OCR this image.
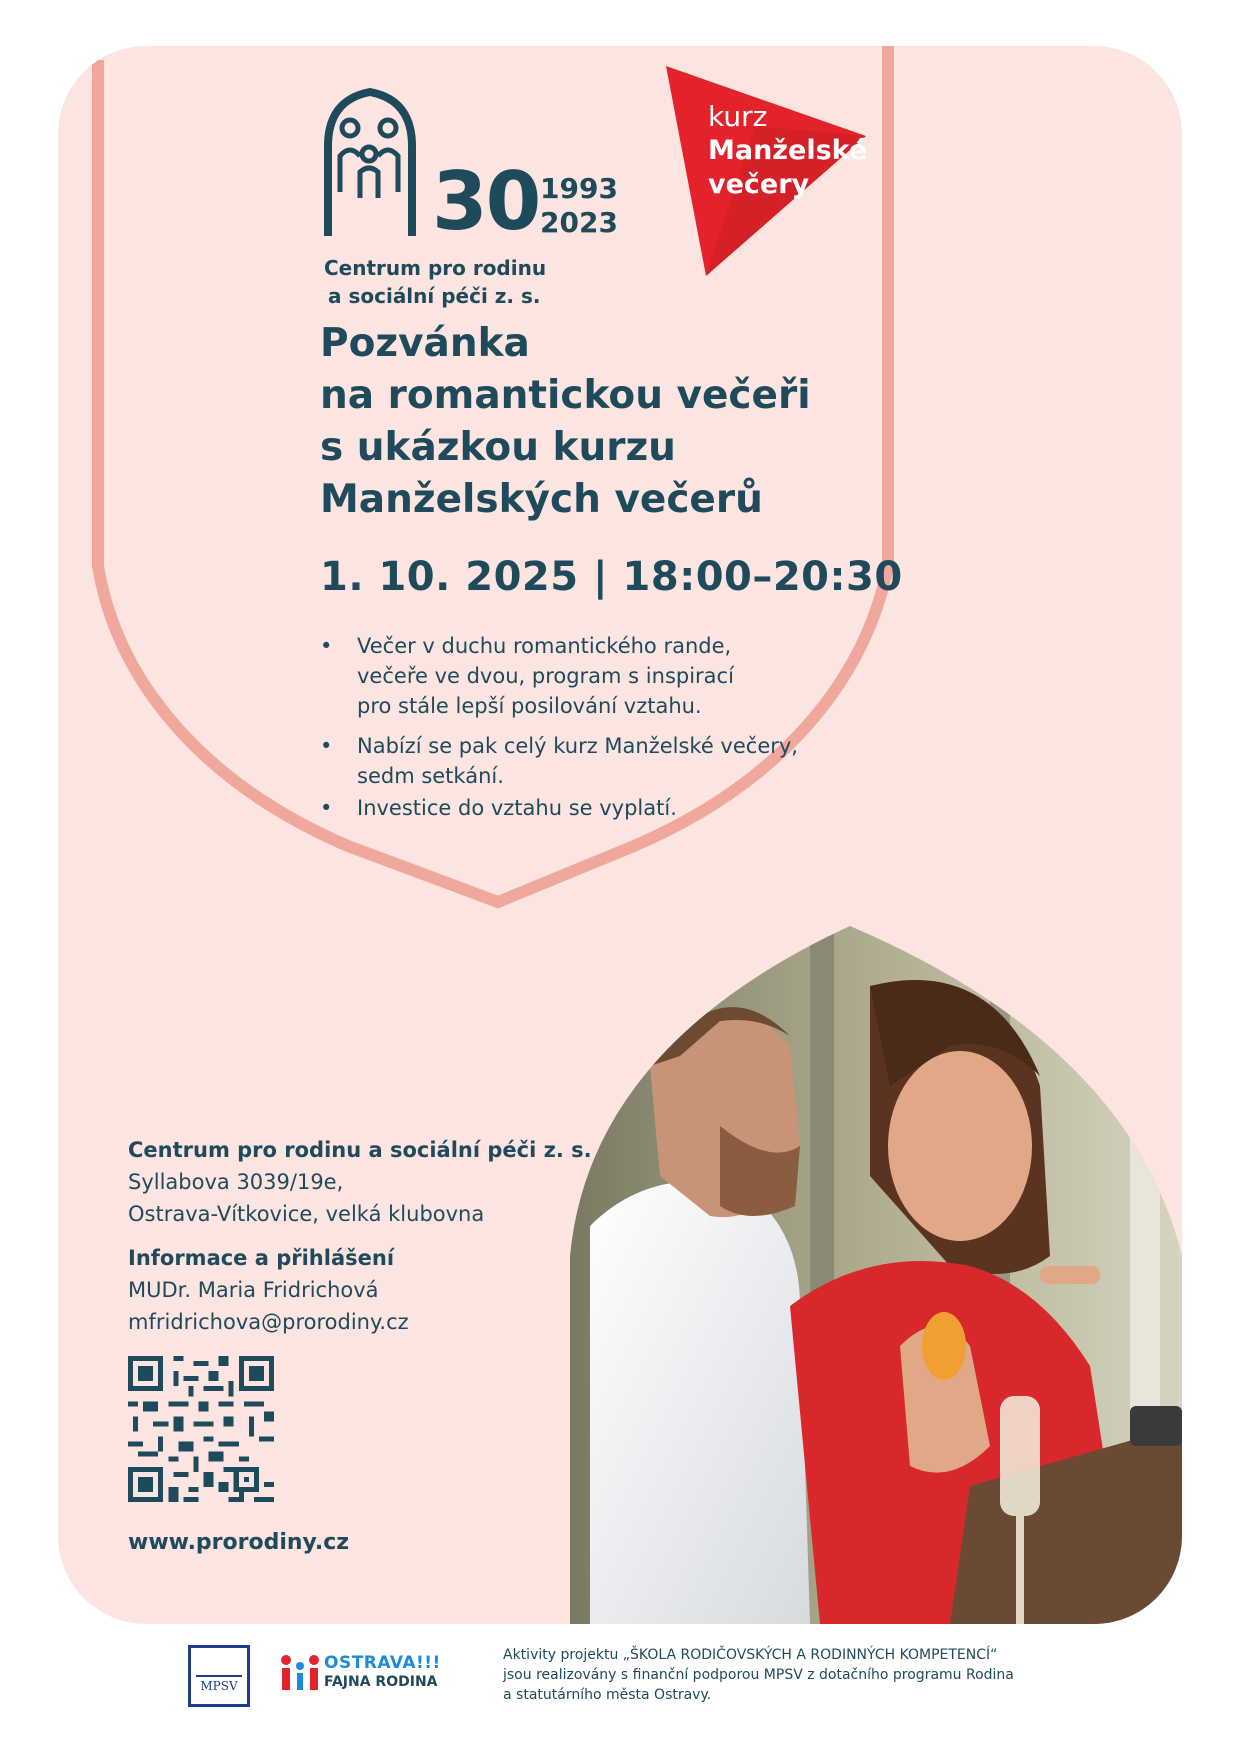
30 1993
2023
Centrum pro rodinu
a sociální péči z. s.
kurz
Manželské
večery
Pozvánka
na romantickou večeři
s ukázkou kurzu
Manželských večerů
1. 10. 2025 | 18:00–20:30
• Večer v duchu romantického rande,
večeře ve dvou, program s inspirací
pro stále lepší posilování vztahu.
• Nabízí se pak celý kurz Manželské večery,
sedm setkání.
• Investice do vztahu se vyplatí.
Centrum pro rodinu a sociální péči z. s.
Syllabova 3039/19e,
Ostrava-Vítkovice, velká klubovna
Informace a přihlášení
MUDr. Maria Fridrichová
mfridrichova@prorodiny.cz
www.prorodiny.cz
MPSV
OSTRAVA!!!
FAJNA RODINA
Aktivity projektu „ŠKOLA RODIČOVSKÝCH A RODINNÝCH KOMPETENCÍ“
jsou realizovány s finanční podporou MPSV z dotačního programu Rodina
a statutárního města Ostravy.
